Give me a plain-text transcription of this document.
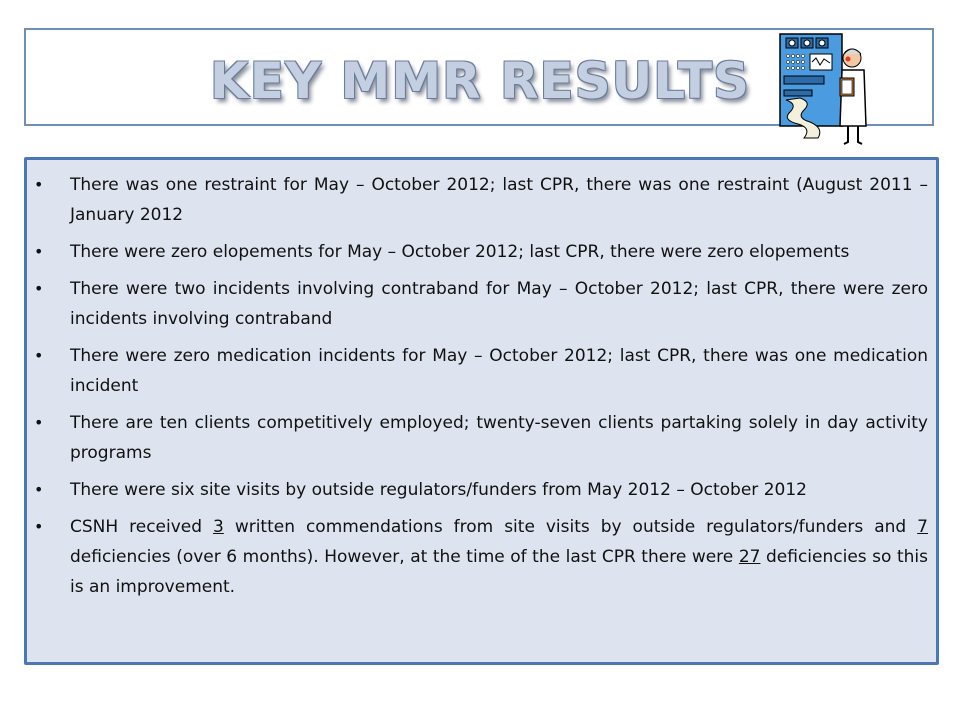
KEY MMR RESULTS
• There was one restraint for May – October 2012; last CPR, there was one restraint (August 2011 – January 2012
• There were zero elopements for May – October 2012; last CPR, there were zero elopements
• There were two incidents involving contraband for May – October 2012; last CPR, there were zero incidents involving contraband
• There were zero medication incidents for May – October 2012; last CPR, there was one medication incident
• There are ten clients competitively employed; twenty-seven clients partaking solely in day activity programs
• There were six site visits by outside regulators/funders from May 2012 – October 2012
• CSNH received 3 written commendations from site visits by outside regulators/funders and 7 deficiencies (over 6 months). However, at the time of the last CPR there were 27 deficiencies so this is an improvement.
